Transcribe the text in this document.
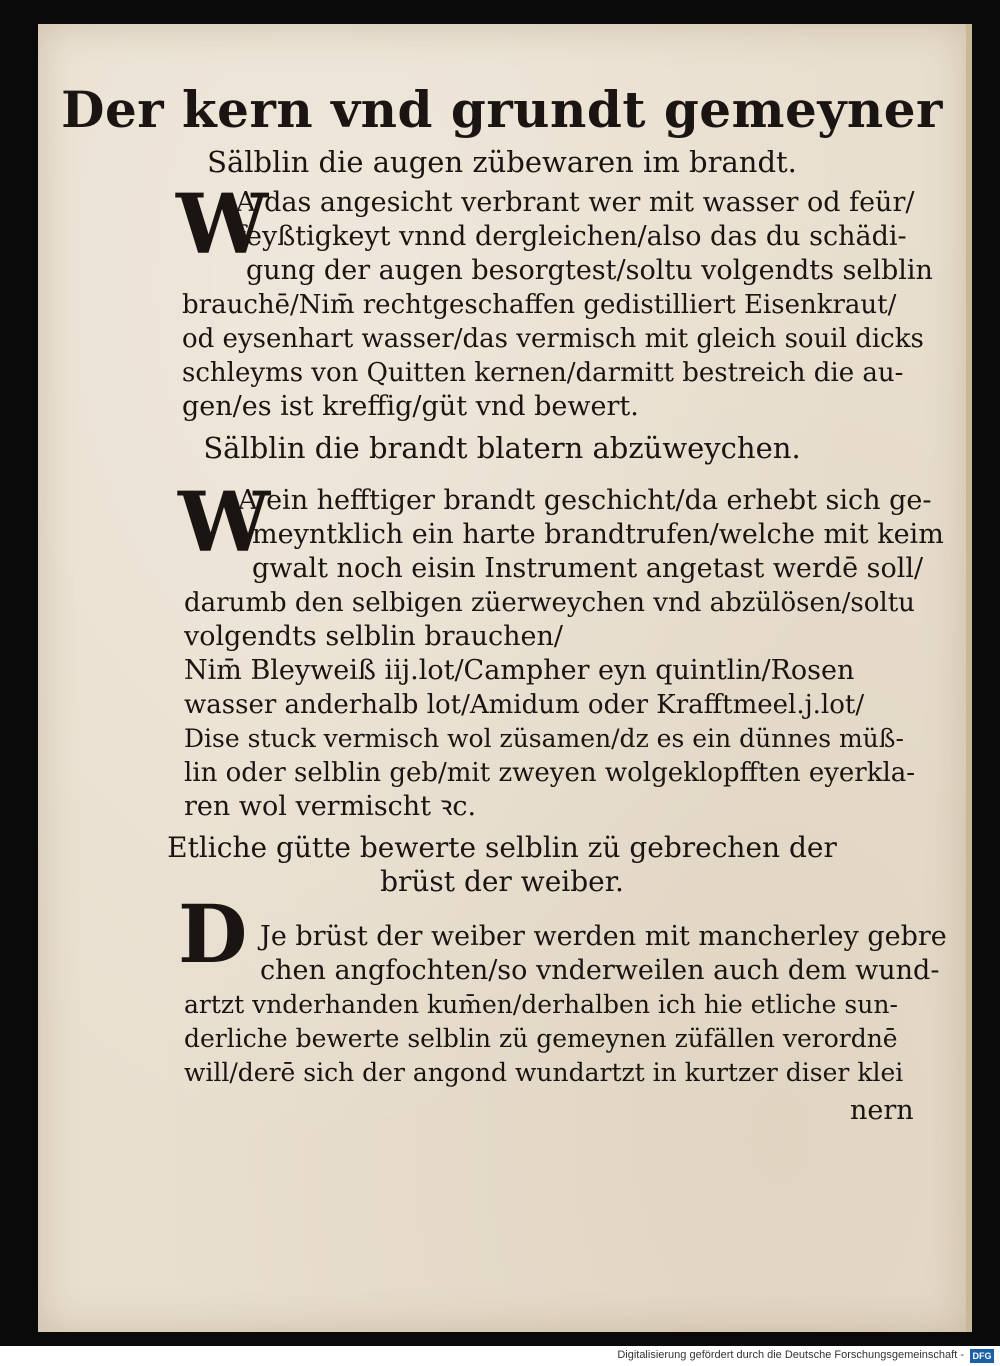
Der kern vnd grundt gemeyner
Sälblin die augen zübewaren im brandt.
W
A das angesicht verbrant wer mit wasser od feür/
feyßtigkeyt vnnd dergleichen/also das du schädi-
gung der augen besorgtest/soltu volgendts selblin
brauchē/Nim̄ rechtgeschaffen gedistilliert Eisenkraut/
od eysenhart wasser/das vermisch mit gleich souil dicks
schleyms von Quitten kernen/darmitt bestreich die au-
gen/es ist kreffig/güt vnd bewert.
Sälblin die brandt blatern abzüweychen.
W
A ein hefftiger brandt geschicht/da erhebt sich ge-
meyntklich ein harte brandtrufen/welche mit keim
gwalt noch eisin Instrument angetast werdē soll/
darumb den selbigen züerweychen vnd abzülösen/soltu
volgendts selblin brauchen/
Nim̄ Bleyweiß iij.lot/Campher eyn quintlin/Rosen
wasser anderhalb lot/Amidum oder Krafftmeel.j.lot/
Dise stuck vermisch wol züsamen/dz es ein dünnes müß-
lin oder selblin geb/mit zweyen wolgeklopfften eyerkla-
ren wol vermischt ꝛc.
Etliche gütte bewerte selblin zü gebrechen der
brüst der weiber.
D Je brüst der weiber werden mit mancherley gebre
chen angfochten/so vnderweilen auch dem wund-
artzt vnderhanden kum̄en/derhalben ich hie etliche sun-
derliche bewerte selblin zü gemeynen züfällen verordnē
will/derē sich der angond wundartzt in kurtzer diser klei
nern
Digitalisierung gefördert durch die Deutsche Forschungsgemeinschaft - DFG
